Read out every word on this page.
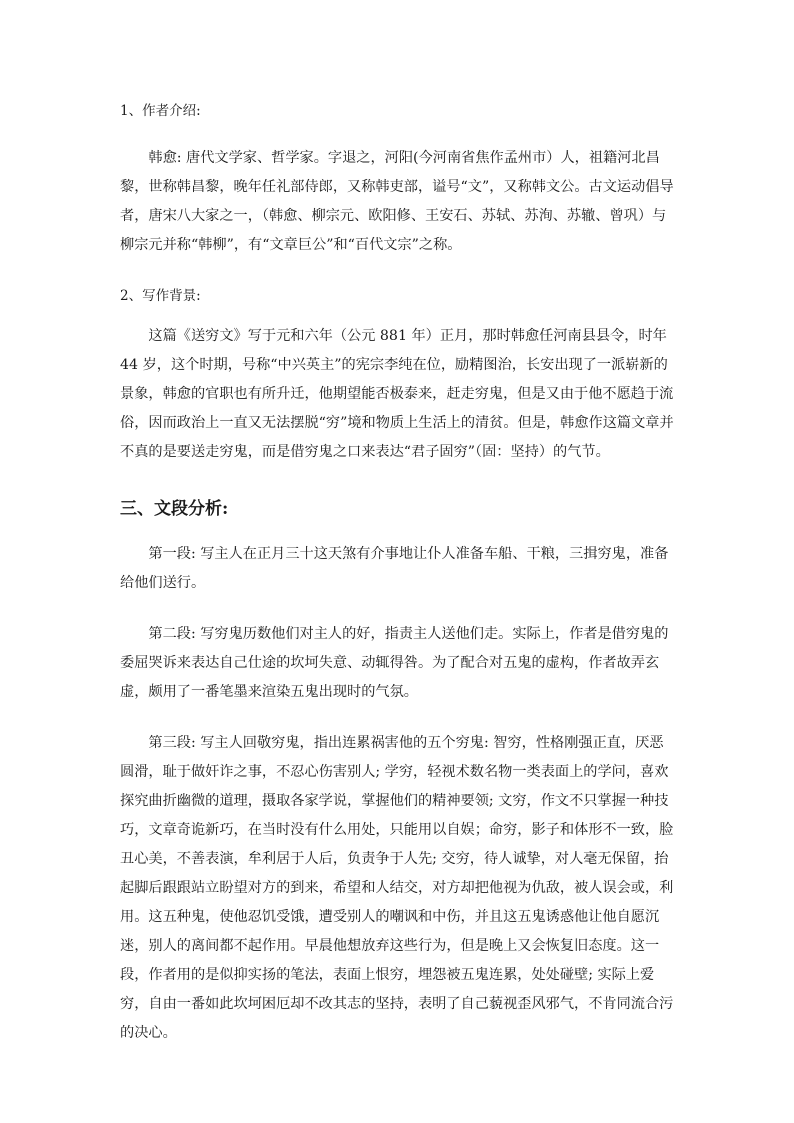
1、作者介绍:

韩愈: 唐代文学家、哲学家。字退之，河阳(今河南省焦作孟州市）人，祖籍河北昌黎，世称韩昌黎，晚年任礼部侍郎，又称韩吏部，谥号“文”，又称韩文公。古文运动倡导者，唐宋八大家之一，（韩愈、柳宗元、欧阳修、王安石、苏轼、苏洵、苏辙、曾巩）与柳宗元并称“韩柳”，有“文章巨公”和“百代文宗”之称。

2、写作背景:

这篇《送穷文》写于元和六年（公元 881 年）正月，那时韩愈任河南县县令，时年 44 岁，这个时期，号称“中兴英主”的宪宗李纯在位，励精图治，长安出现了一派崭新的景象，韩愈的官职也有所升迁，他期望能否极泰来，赶走穷鬼，但是又由于他不愿趋于流俗，因而政治上一直又无法摆脱“穷”境和物质上生活上的清贫。但是，韩愈作这篇文章并不真的是要送走穷鬼，而是借穷鬼之口来表达“君子固穷”（固：坚持）的气节。

三、文段分析:

第一段: 写主人在正月三十这天煞有介事地让仆人准备车船、干粮，三揖穷鬼，准备给他们送行。

第二段: 写穷鬼历数他们对主人的好，指责主人送他们走。实际上，作者是借穷鬼的委屈哭诉来表达自己仕途的坎坷失意、动辄得咎。为了配合对五鬼的虚构，作者故弄玄虚，颇用了一番笔墨来渲染五鬼出现时的气氛。

第三段: 写主人回敬穷鬼，指出连累祸害他的五个穷鬼: 智穷，性格刚强正直，厌恶圆滑，耻于做奸诈之事，不忍心伤害别人; 学穷，轻视术数名物一类表面上的学问，喜欢探究曲折幽微的道理，摄取各家学说，掌握他们的精神要领; 文穷，作文不只掌握一种技巧，文章奇诡新巧，在当时没有什么用处，只能用以自娱；命穷，影子和体形不一致，脸丑心美，不善表演，牟利居于人后，负责争于人先; 交穷，待人诚挚，对人毫无保留，抬起脚后跟跟站立盼望对方的到来，希望和人结交，对方却把他视为仇敌，被人误会或，利用。这五种鬼，使他忍饥受饿，遭受别人的嘲讽和中伤，并且这五鬼诱惑他让他自愿沉迷，别人的离间都不起作用。早晨他想放弃这些行为，但是晚上又会恢复旧态度。这一段，作者用的是似抑实扬的笔法，表面上恨穷，埋怨被五鬼连累，处处碰壁; 实际上爱穷，自由一番如此坎坷困厄却不改其志的坚持，表明了自己藐视歪风邪气，不肯同流合污的决心。
